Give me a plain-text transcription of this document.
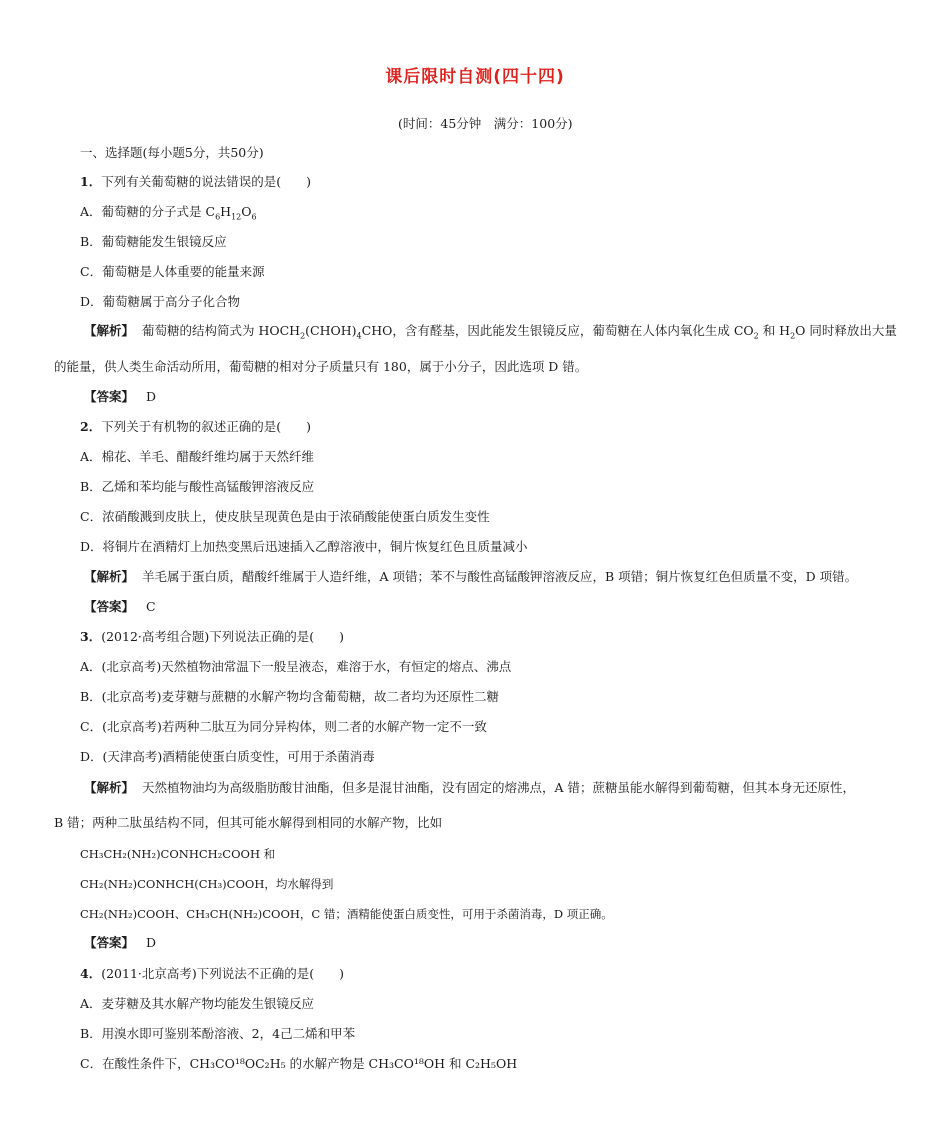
课后限时自测(四十四)
(时间：45分钟　满分：100分)
一、选择题(每小题5分，共50分)
1．下列有关葡萄糖的说法错误的是(　　)
A．葡萄糖的分子式是 $C_6H_{12}O_6$
B．葡萄糖能发生银镜反应
C．葡萄糖是人体重要的能量来源
D．葡萄糖属于高分子化合物
【解析】 葡萄糖的结构简式为 $HOCH_2(CHOH)_4CHO$，含有醛基，因此能发生银镜反应，葡萄糖在人体内氧化生成 $CO_2$ 和 $H_2O$ 同时释放出大量
的能量，供人类生命活动所用，葡萄糖的相对分子质量只有 180，属于小分子，因此选项 D 错。
【答案】 D
2．下列关于有机物的叙述正确的是(　　)
A．棉花、羊毛、醋酸纤维均属于天然纤维
B．乙烯和苯均能与酸性高锰酸钾溶液反应
C．浓硝酸溅到皮肤上，使皮肤呈现黄色是由于浓硝酸能使蛋白质发生变性
D．将铜片在酒精灯上加热变黑后迅速插入乙醇溶液中，铜片恢复红色且质量减小
【解析】 羊毛属于蛋白质，醋酸纤维属于人造纤维，A 项错；苯不与酸性高锰酸钾溶液反应，B 项错；铜片恢复红色但质量不变，D 项错。
【答案】 C
3．(2012·高考组合题)下列说法正确的是(　　)
A．(北京高考)天然植物油常温下一般呈液态，难溶于水，有恒定的熔点、沸点
B．(北京高考)麦芽糖与蔗糖的水解产物均含葡萄糖，故二者均为还原性二糖
C．(北京高考)若两种二肽互为同分异构体，则二者的水解产物一定不一致
D．(天津高考)酒精能使蛋白质变性，可用于杀菌消毒
【解析】 天然植物油均为高级脂肪酸甘油酯，但多是混甘油酯，没有固定的熔沸点，A 错；蔗糖虽能水解得到葡萄糖，但其本身无还原性，
B 错；两种二肽虽结构不同，但其可能水解得到相同的水解产物，比如
CH₃CH₂(NH₂)CONHCH₂COOH 和
CH₂(NH₂)CONHCH(CH₃)COOH，均水解得到
CH₂(NH₂)COOH、CH₃CH(NH₂)COOH，C 错；酒精能使蛋白质变性，可用于杀菌消毒，D 项正确。
【答案】 D
4．(2011·北京高考)下列说法不正确的是(　　)
A．麦芽糖及其水解产物均能发生银镜反应
B．用溴水即可鉴别苯酚溶液、2，4己二烯和甲苯
C．在酸性条件下，CH₃CO¹⁸OC₂H₅ 的水解产物是 CH₃CO¹⁸OH 和 C₂H₅OH
